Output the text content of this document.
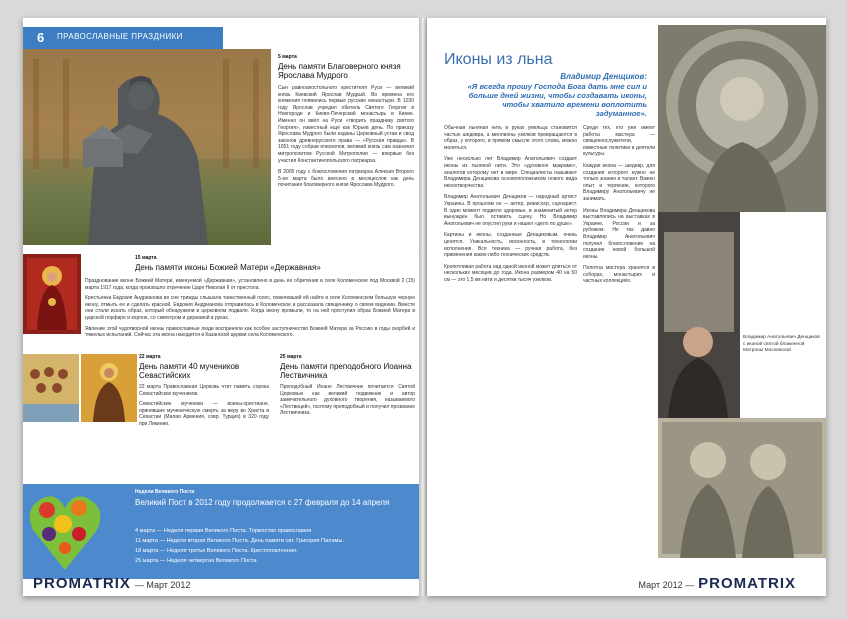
6 ПРАВОСЛАВНЫЕ ПРАЗДНИКИ
5 марта
День памяти Благоверного князя Ярослава Мудрого
Сын равноапостольного крестителя Руси — великий князь Киевский Ярослав Мудрый. Во времена его княжения появились первые русские монастыри. В 1030 году Ярослав учредил обитель Святого Георгия в Новгороде и Киево-Печерский монастырь в Киеве. Именно он ввёл на Руси «творить празднику святого Георгия», известный ещё как Юрьев день. По приказу Ярослава Мудрого были изданы Церковный устав и свод законов древнерусского права — «Русская правда». В 1051 году собрав епископов, великий князь сам назначил митрополитом Русской Митрополии — впервые без участия Константинопольского патриарха.
В 2005 году с благословения патриарха Алексия Второго 5-ое марта было внесено в месяцеслов как день почитания благоверного князя Ярослава Мудрого.
15 марта
День памяти иконы Божией Матери «Державная»
Празднование иконе Божией Матери, именуемой «Державная», установлено в день ее обретения в селе Коломенское под Москвой 2 (15) марта 1917 года, когда произошло отречение Царя Николая II от престола.
Крестьянка Евдокия Андрианова во сне трижды слышала таинственный голос, повелевший ей найти в селе Коломенском большую черную икону, отмыть ее и сделать красной. Евдокия Андрианова отправилась в Коломенское и рассказала священнику о своем видении. Вместе они стали искать образ, который обнаружили в церковном подвале. Когда икону промыли, то на ней проступил образ Божией Матери в царской порфире и короне, со скипетром и державой в руках.
Явление этой чудотворной иконы православные люди восприняли как особое заступничество Божией Матери за Россию в годы скорбей и тяжелых испытаний. Сейчас эта икона находится в Казанской церкви села Коломенского.
22 марта
День памяти 40 мучеников Севастийских
22 марта Православная Церковь чтит память сорока Севастийских мучеников.
Севастийские мученики — воины-христиане, принявшие мученическую смерть за веру во Христа в Севастии (Малая Армения, совр. Турция) в 320 году при Ликинии.
25 марта
День памяти преподобного Иоанна Лествичника
Преподобный Иоанн Лествичник почитается Святой Церковью как великий подвижник и автор замечательного духовного творения, называемого «Лествицей», поэтому преподобный и получил прозвание Лествичника.
Недели Великого Поста
Великий Пост в 2012 году продолжается с 27 февраля до 14 апреля
4 марта — Неделя первая Великого Поста. Торжество православия
11 марта — Неделя вторая Великого Поста. День памяти свт. Григория Паламы.
18 марта — Неделя третья Великого Поста. Крестопоклонная.
25 марта — Неделя четвертая Великого Поста.
PROMATRIX — Март 2012
Иконы из льна
Владимир Денщиков:
«Я всегда прошу Господа Бога дать мне сил и больше дней жизни, чтобы создавать иконы, чтобы хватило времени воплотить задуманное».
Обычная льняная нить в руках умельца становится частью шедевра, а миллионы узелков превращаются в образ, у которого, в прямом смысле этого слова, можно молиться.
Уже несколько лет Владимир Анатольевич создает иконы из льняной нити. Это «духовное макраме», аналогов которому нет в мире. Специалисты называют Владимира Денщикова основоположником нового вида иконотворчества.
Владимир Анатольевич Денщиков — народный артист Украины. В прошлом он — актер, режиссер, сценарист. В один момент подвело здоровье, и знаменитый актер вынужден был оставить сцену. Но Владимир Анатольевич не опустил руки и нашел «дело по душе».
Картины и иконы, созданные Денщиковым, очень ценятся. Уникальность, исконность, в технологии исполнения. Вся техника — ручная работа, без применения каких-либо технических средств.
Кропотливая работа над одной иконой может длиться от нескольких месяцев до года. Икона размером 40 на 50 см — это 1,5 км нити и десятки тысяч узелков.
Среди тех, кто уже имеет работы мастера — священнослужители, известные политики и деятели культуры.
Каждая икона — шедевр, для создания которого нужно не только знание и талант. Важен опыт и терпение, которого Владимиру Анатольевичу не занимать.
Иконы Владимира Денщикова выставлялись на выставках в Украине, России и за рубежом. Не так давно Владимир Анатольевич получил благословение на создание новой большой иконы.
Полотна мастера хранятся в соборах, монастырях и частных коллекциях.
Владимир Анатольевич Денщиков с иконой святой блаженной Матроны Московской
Март 2012 — PROMATRIX
